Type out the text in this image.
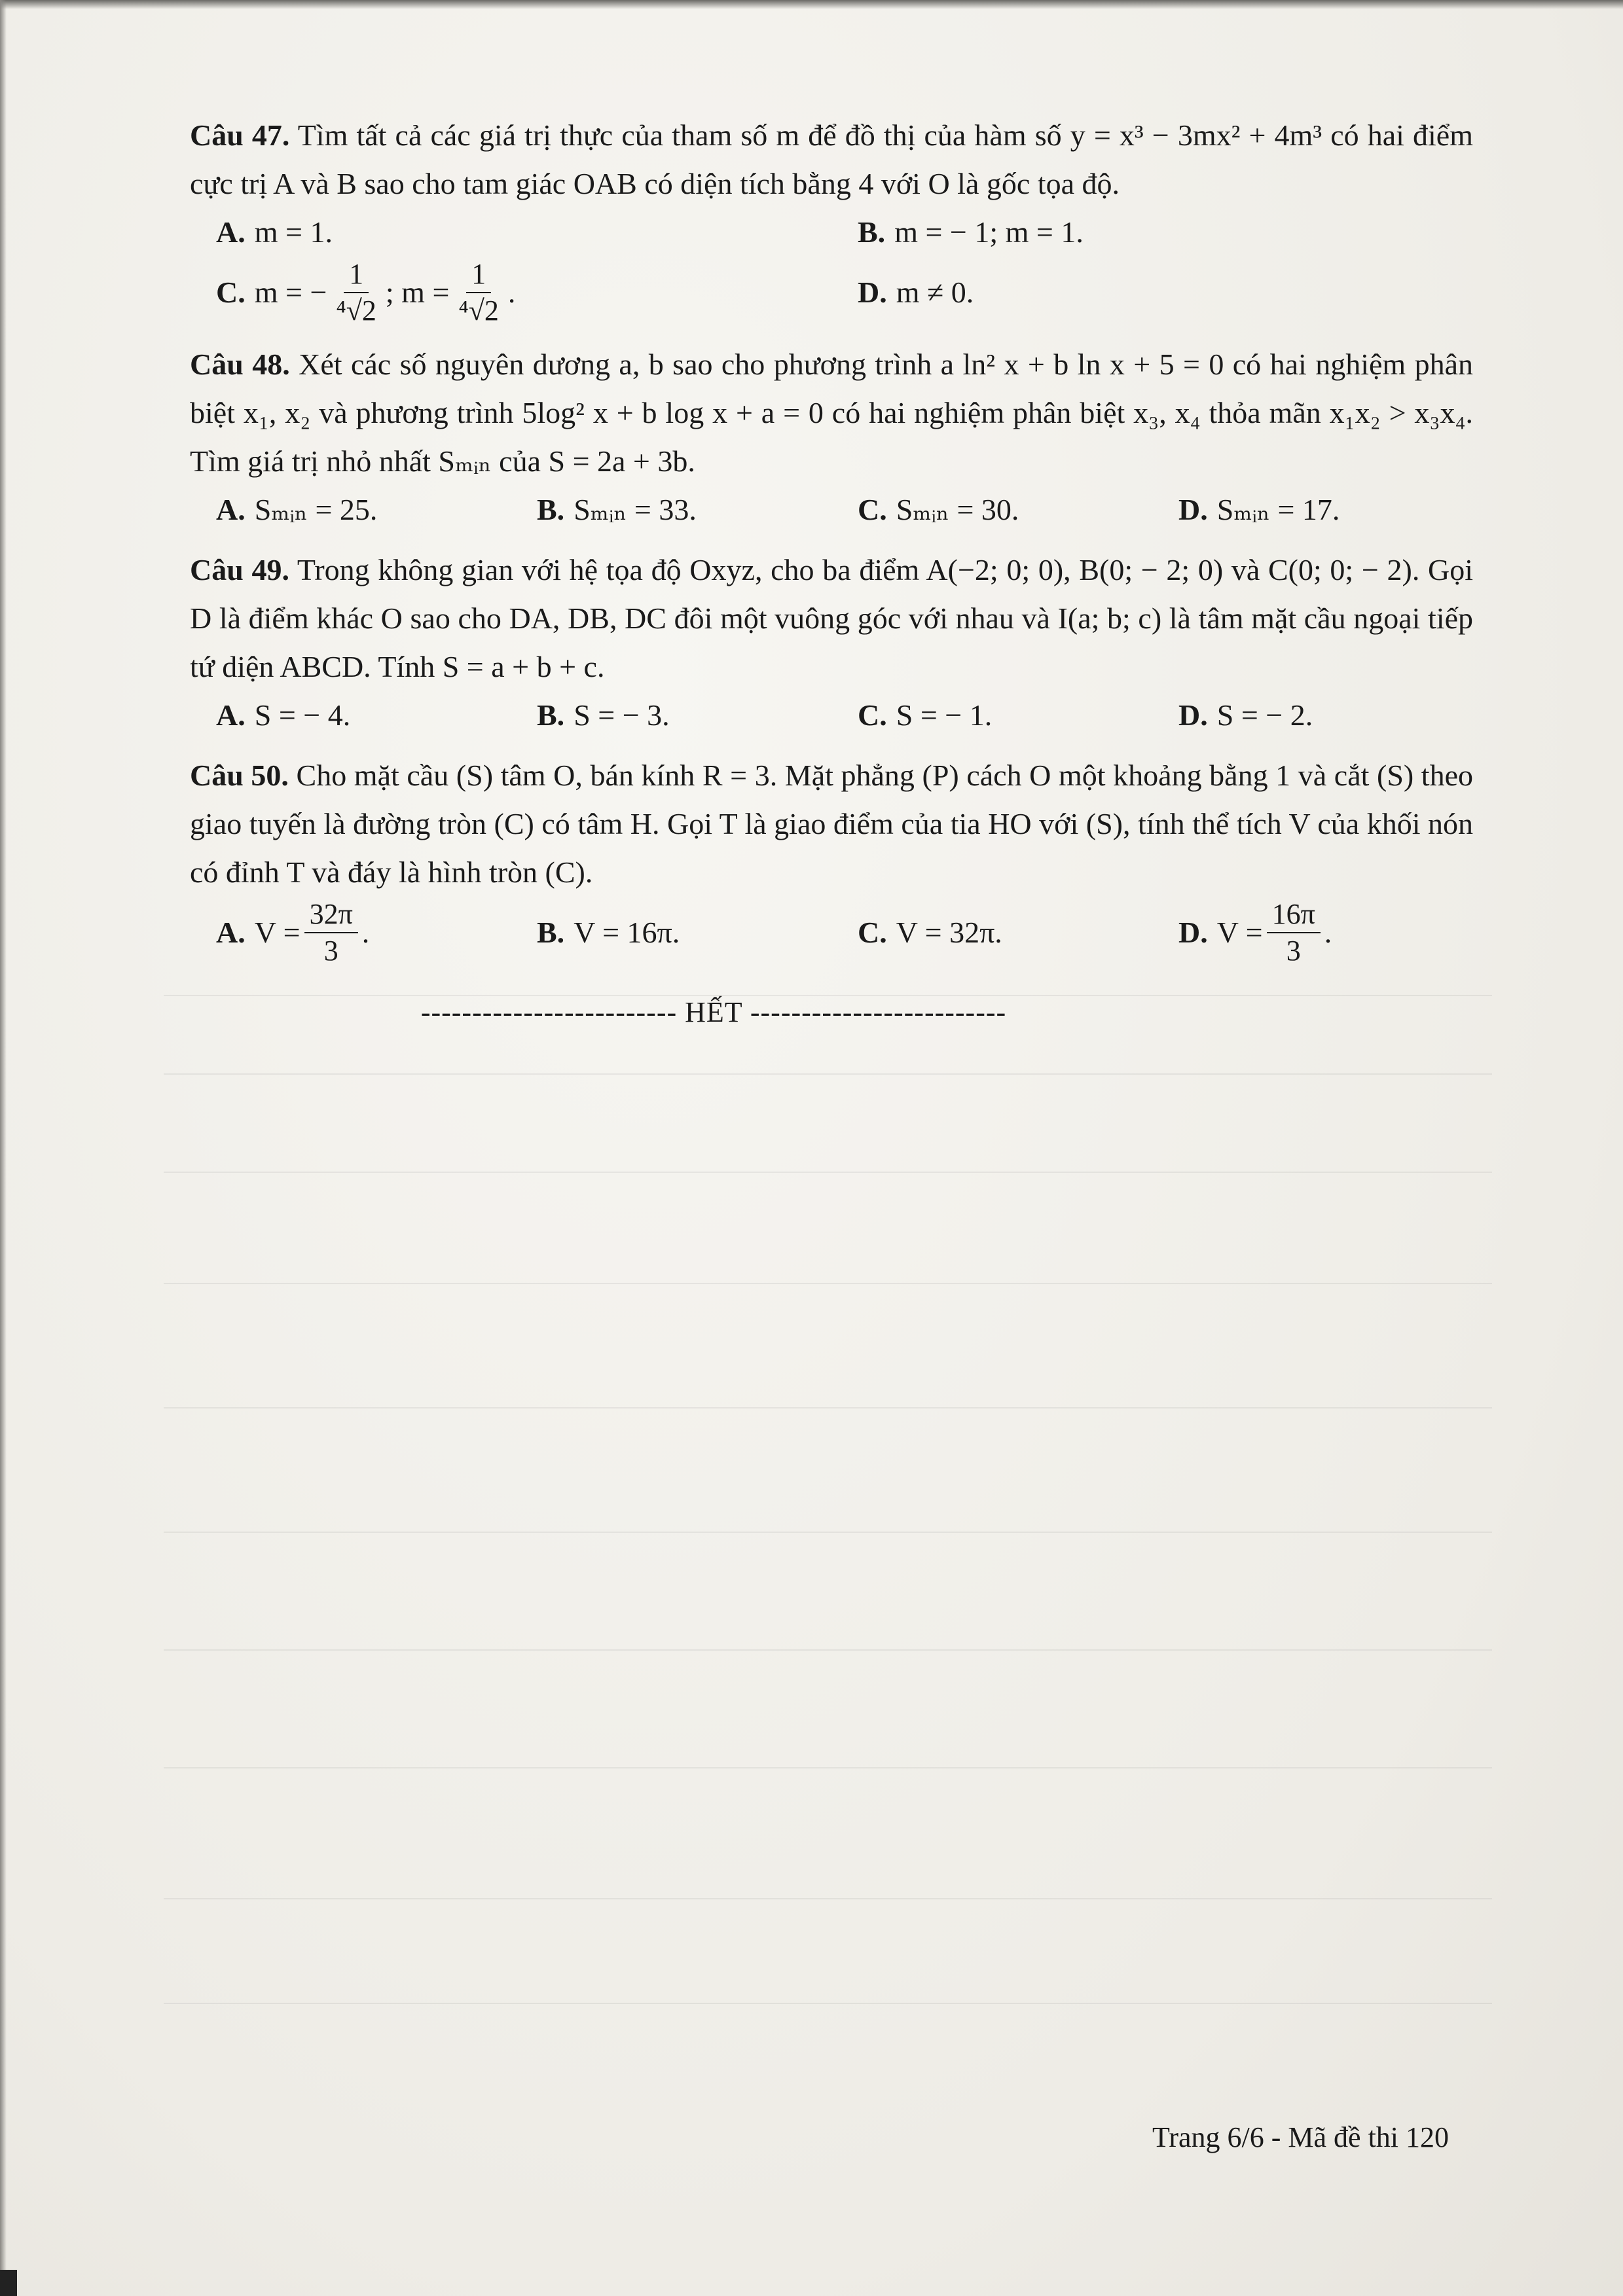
Câu 47. Tìm tất cả các giá trị thực của tham số m để đồ thị của hàm số y = x³ − 3mx² + 4m³ có hai điểm cực trị A và B sao cho tam giác OAB có diện tích bằng 4 với O là gốc tọa độ.

A. m = 1.	B. m = − 1; m = 1.
C. m = − $\frac{1}{\text{⁴√2}}$ ; $m = \frac{1}{\text{⁴√2}}$ .	D. m ≠ 0.

Câu 48. Xét các số nguyên dương a, b sao cho phương trình a ln² x + b ln x + 5 = 0 có hai nghiệm phân biệt x₁, x₂ và phương trình 5log² x + b log x + a = 0 có hai nghiệm phân biệt x₃, x₄ thỏa mãn x₁x₂ > x₃x₄. Tìm giá trị nhỏ nhất Sₘᵢₙ của S = 2a + 3b.

A. Sₘᵢₙ = 25.	B. Sₘᵢₙ = 33.	C. Sₘᵢₙ = 30.	D. Sₘᵢₙ = 17.

Câu 49. Trong không gian với hệ tọa độ Oxyz, cho ba điểm A(−2; 0; 0), B(0; − 2; 0) và C(0; 0; − 2). Gọi D là điểm khác O sao cho DA, DB, DC đôi một vuông góc với nhau và I(a; b; c) là tâm mặt cầu ngoại tiếp tứ diện ABCD. Tính S = a + b + c.

A. S = − 4.	B. S = − 3.	C. S = − 1.	D. S = − 2.

Câu 50. Cho mặt cầu (S) tâm O, bán kính R = 3. Mặt phẳng (P) cách O một khoảng bằng 1 và cắt (S) theo giao tuyến là đường tròn (C) có tâm H. Gọi T là giao điểm của tia HO với (S), tính thể tích V của khối nón có đỉnh T và đáy là hình tròn (C).

A. $V = \frac{32\pi}{3}$ .	B. V = 16π.	C. V = 32π.	D. $V = \frac{16\pi}{3}$ .
------------------------- HẾT -------------------------
Trang 6/6 - Mã đề thi 120
